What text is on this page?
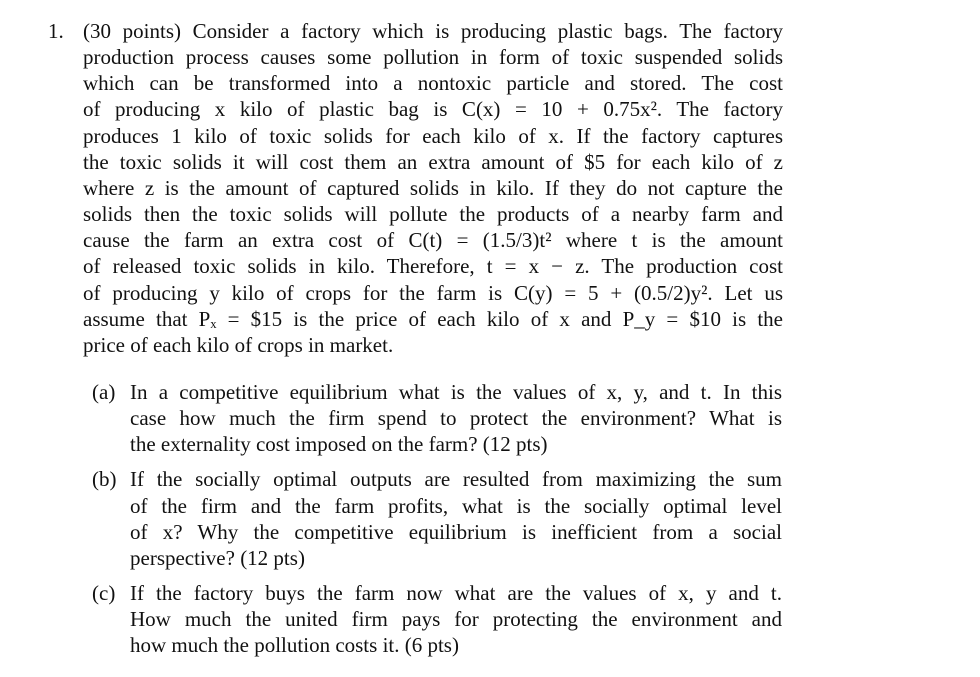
1. (30 points) Consider a factory which is producing plastic bags. The factory
production process causes some pollution in form of toxic suspended solids
which can be transformed into a nontoxic particle and stored. The cost
of producing x kilo of plastic bag is C(x) = 10 + 0.75x². The factory
produces 1 kilo of toxic solids for each kilo of x. If the factory captures
the toxic solids it will cost them an extra amount of $5 for each kilo of z
where z is the amount of captured solids in kilo. If they do not capture the
solids then the toxic solids will pollute the products of a nearby farm and
cause the farm an extra cost of C(t) = (1.5/3)t² where t is the amount
of released toxic solids in kilo. Therefore, t = x − z. The production cost
of producing y kilo of crops for the farm is C(y) = 5 + (0.5/2)y². Let us
assume that Pₓ = $15 is the price of each kilo of x and P_y = $10 is the
price of each kilo of crops in market.
(a) In a competitive equilibrium what is the values of x, y, and t. In this
case how much the firm spend to protect the environment? What is
the externality cost imposed on the farm? (12 pts)
(b) If the socially optimal outputs are resulted from maximizing the sum
of the firm and the farm profits, what is the socially optimal level
of x? Why the competitive equilibrium is inefficient from a social
perspective? (12 pts)
(c) If the factory buys the farm now what are the values of x, y and t.
How much the united firm pays for protecting the environment and
how much the pollution costs it. (6 pts)
